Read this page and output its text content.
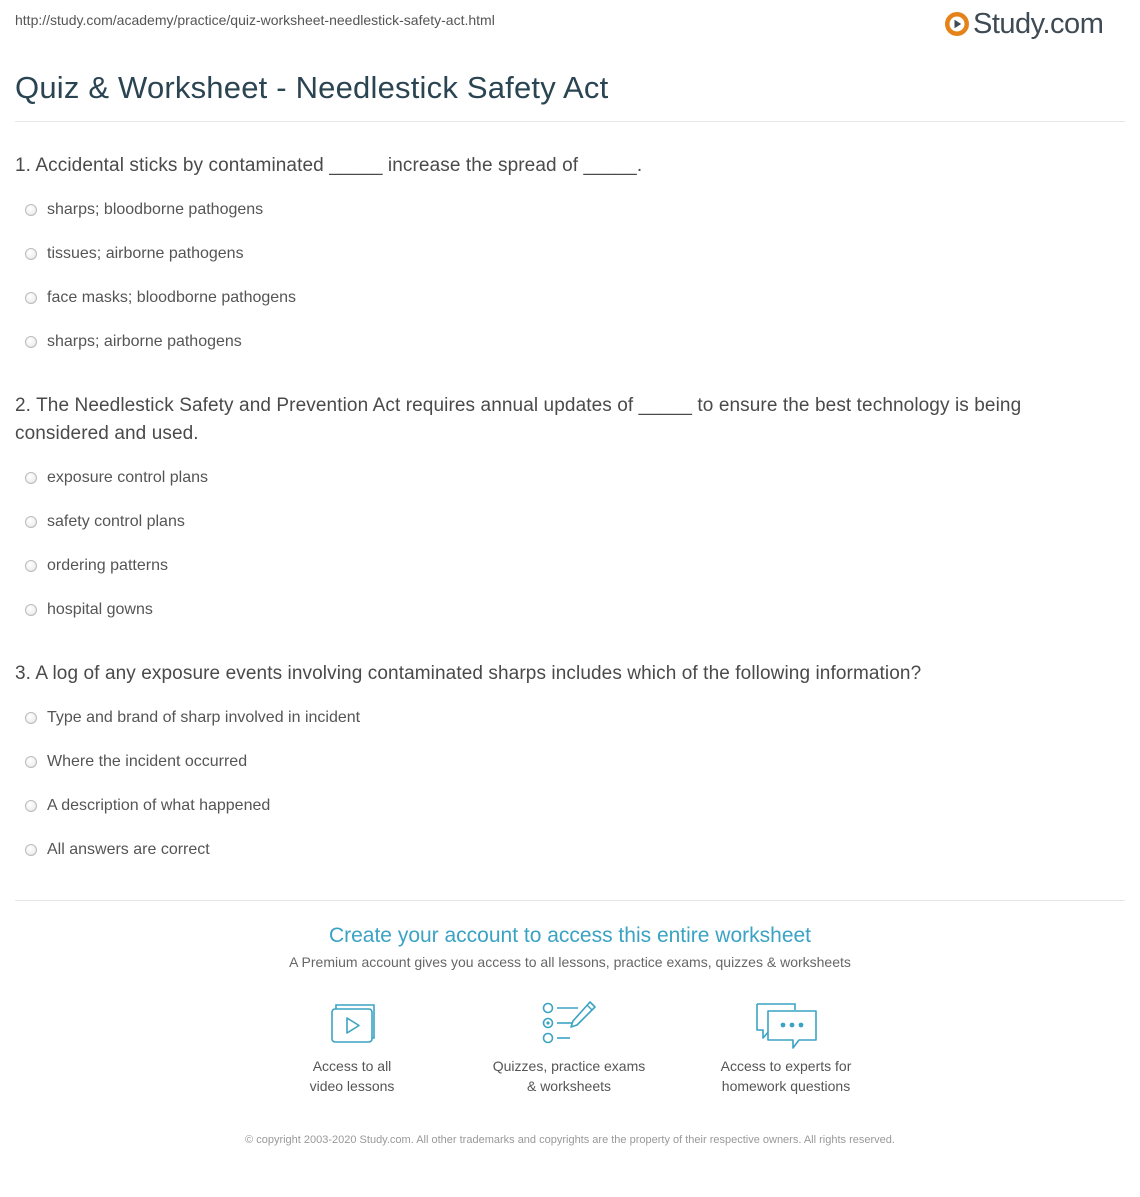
http://study.com/academy/practice/quiz-worksheet-needlestick-safety-act.html	Study.com
Quiz & Worksheet - Needlestick Safety Act

1. Accidental sticks by contaminated _____ increase the spread of _____.

sharps; bloodborne pathogens
tissues; airborne pathogens
face masks; bloodborne pathogens
sharps; airborne pathogens

2. The Needlestick Safety and Prevention Act requires annual updates of _____ to ensure the best technology is being considered and used.

exposure control plans
safety control plans
ordering patterns
hospital gowns

3. A log of any exposure events involving contaminated sharps includes which of the following information?

Type and brand of sharp involved in incident
Where the incident occurred
A description of what happened
All answers are correct
Create your account to access this entire worksheet
A Premium account gives you access to all lessons, practice exams, quizzes & worksheets
Access to all
video lessons
Quizzes, practice exams
& worksheets
Access to experts for
homework questions
© copyright 2003-2020 Study.com. All other trademarks and copyrights are the property of their respective owners. All rights reserved.
